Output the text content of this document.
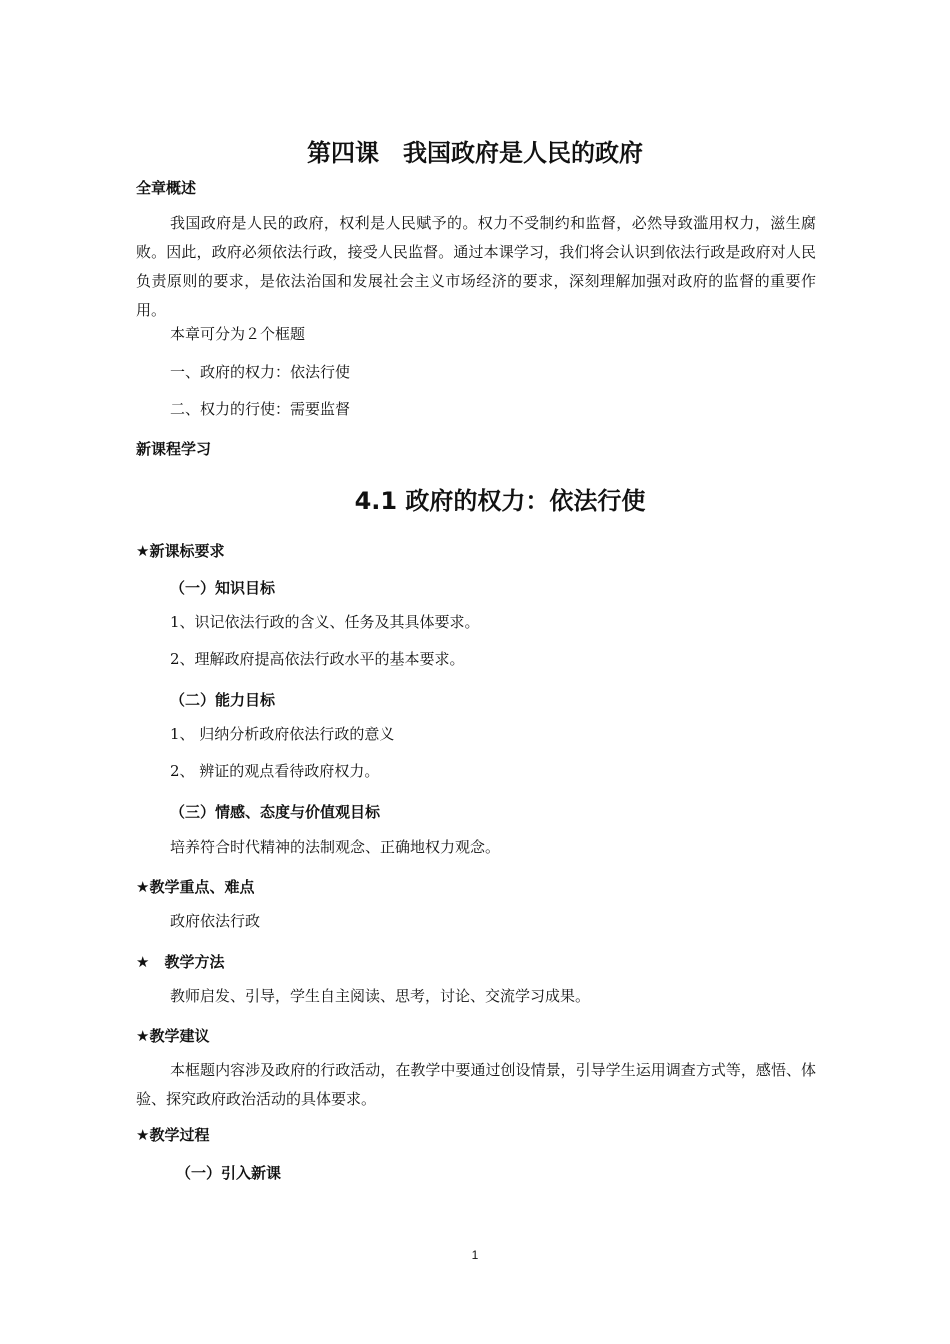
第四课　我国政府是人民的政府
全章概述
我国政府是人民的政府，权利是人民赋予的。权力不受制约和监督，必然导致滥用权力，滋生腐败。因此，政府必须依法行政，接受人民监督。通过本课学习，我们将会认识到依法行政是政府对人民负责原则的要求，是依法治国和发展社会主义市场经济的要求，深刻理解加强对政府的监督的重要作用。
本章可分为２个框题
一、政府的权力：依法行使
二、权力的行使：需要监督
新课程学习
4.1 政府的权力：依法行使
★新课标要求
（一）知识目标
1、识记依法行政的含义、任务及其具体要求。
2、理解政府提高依法行政水平的基本要求。
（二）能力目标
1、 归纳分析政府依法行政的意义
2、 辨证的观点看待政府权力。
（三）情感、态度与价值观目标
培养符合时代精神的法制观念、正确地权力观念。
★教学重点、难点
政府依法行政
★　教学方法
教师启发、引导，学生自主阅读、思考，讨论、交流学习成果。
★教学建议
本框题内容涉及政府的行政活动，在教学中要通过创设情景，引导学生运用调查方式等，感悟、体验、探究政府政治活动的具体要求。
★教学过程
（一）引入新课
1
